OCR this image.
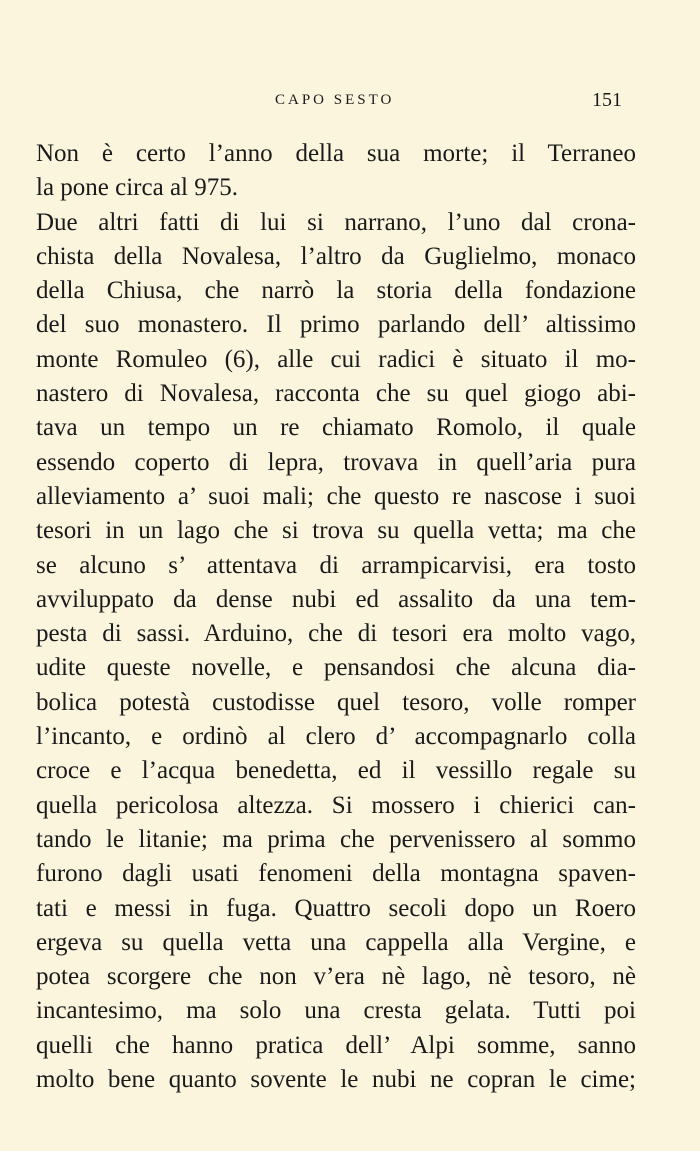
CAPO SESTO	151
Non è certo l’anno della sua morte; il Terraneo
la pone circa al 975.
Due altri fatti di lui si narrano, l’uno dal crona-
chista della Novalesa, l’altro da Guglielmo, monaco
della Chiusa, che narrò la storia della fondazione
del suo monastero. Il primo parlando dell’ altissimo
monte Romuleo (6), alle cui radici è situato il mo-
nastero di Novalesa, racconta che su quel giogo abi-
tava un tempo un re chiamato Romolo, il quale
essendo coperto di lepra, trovava in quell’aria pura
alleviamento a’ suoi mali; che questo re nascose i suoi
tesori in un lago che si trova su quella vetta; ma che
se alcuno s’ attentava di arrampicarvisi, era tosto
avviluppato da dense nubi ed assalito da una tem-
pesta di sassi. Arduino, che di tesori era molto vago,
udite queste novelle, e pensandosi che alcuna dia-
bolica potestà custodisse quel tesoro, volle romper
l’incanto, e ordinò al clero d’ accompagnarlo colla
croce e l’acqua benedetta, ed il vessillo regale su
quella pericolosa altezza. Si mossero i chierici can-
tando le litanie; ma prima che pervenissero al sommo
furono dagli usati fenomeni della montagna spaven-
tati e messi in fuga. Quattro secoli dopo un Roero
ergeva su quella vetta una cappella alla Vergine, e
potea scorgere che non v’era nè lago, nè tesoro, nè
incantesimo, ma solo una cresta gelata. Tutti poi
quelli che hanno pratica dell’ Alpi somme, sanno
molto bene quanto sovente le nubi ne copran le cime;
